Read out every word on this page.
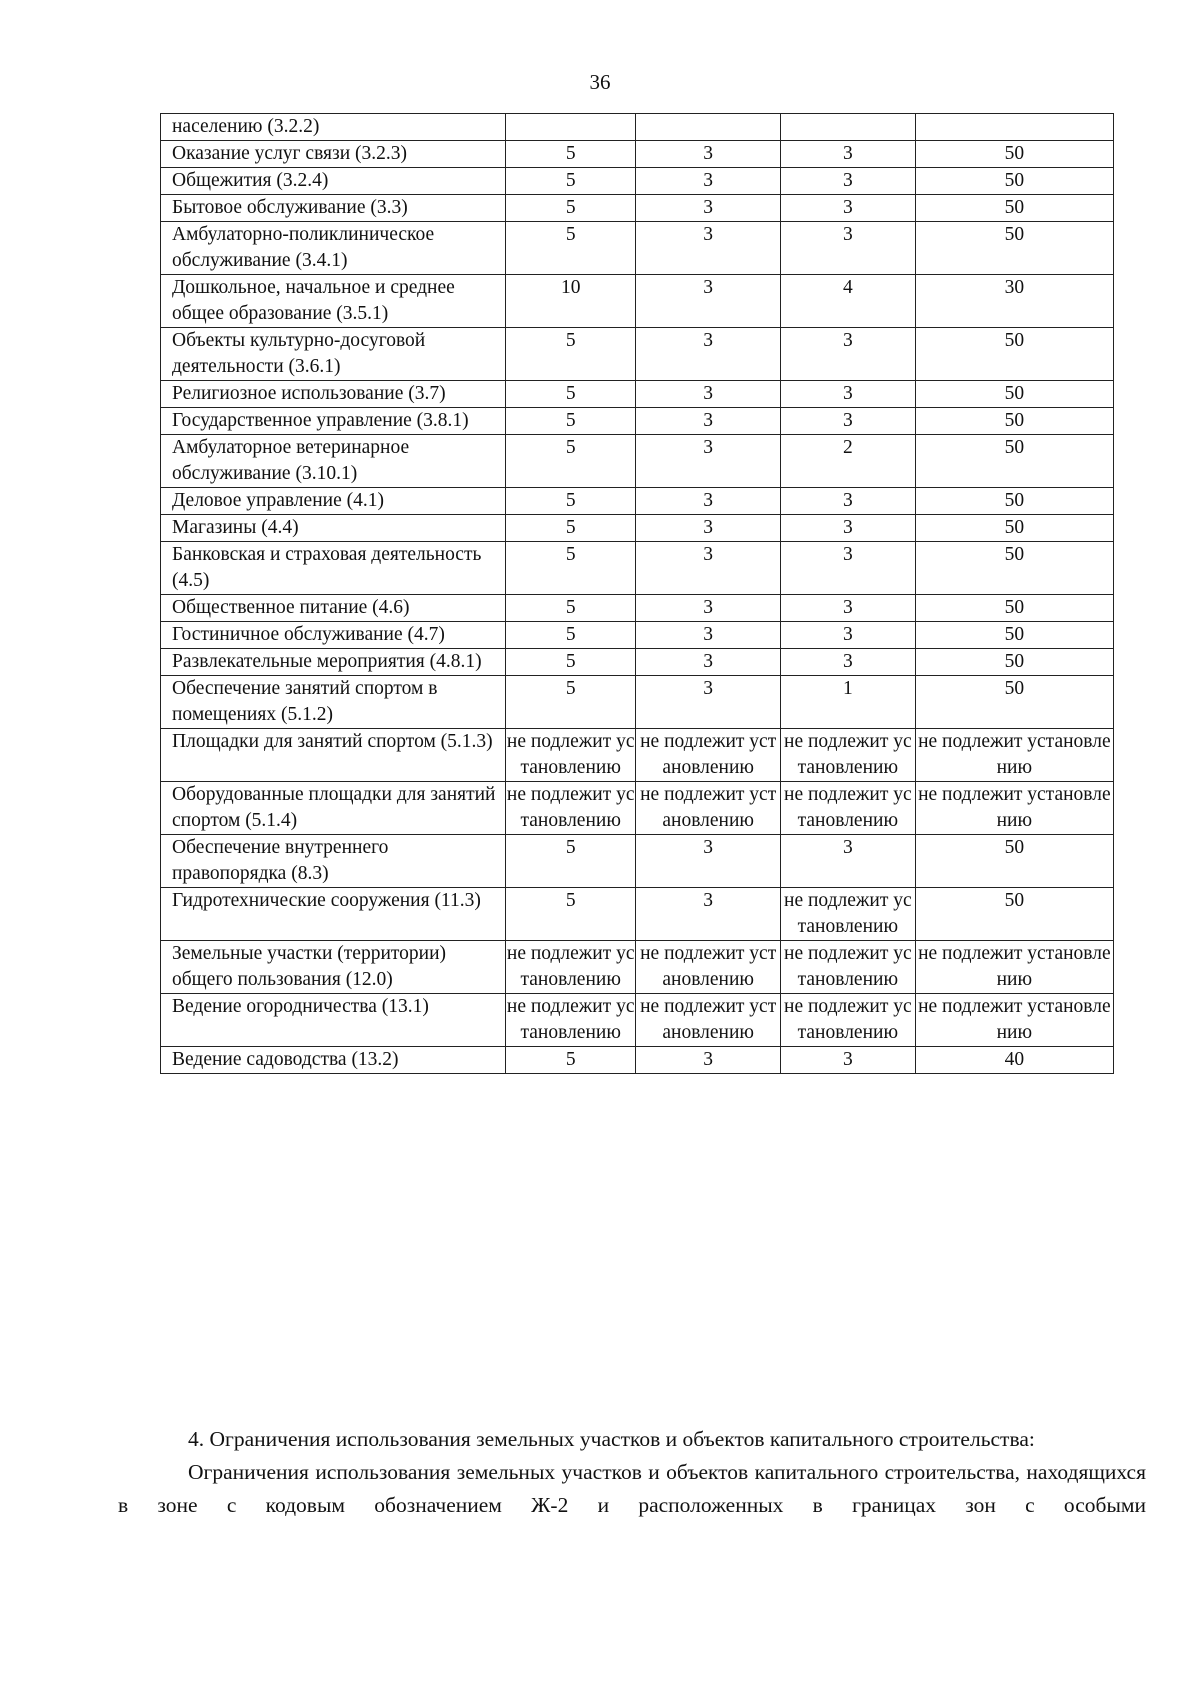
36
населению (3.2.2)				
Оказание услуг связи (3.2.3)	5	3	3	50
Общежития (3.2.4)	5	3	3	50
Бытовое обслуживание (3.3)	5	3	3	50
Амбулаторно-поликлиническое обслуживание (3.4.1)	5	3	3	50
Дошкольное, начальное и среднее общее образование (3.5.1)	10	3	4	30
Объекты культурно-досуговой деятельности (3.6.1)	5	3	3	50
Религиозное использование (3.7)	5	3	3	50
Государственное управление (3.8.1)	5	3	3	50
Амбулаторное ветеринарное обслуживание (3.10.1)	5	3	2	50
Деловое управление (4.1)	5	3	3	50
Магазины (4.4)	5	3	3	50
Банковская и страховая деятельность (4.5)	5	3	3	50
Общественное питание (4.6)	5	3	3	50
Гостиничное обслуживание (4.7)	5	3	3	50
Развлекательные мероприятия (4.8.1)	5	3	3	50
Обеспечение занятий спортом в помещениях (5.1.2)	5	3	1	50
Площадки для занятий спортом (5.1.3)	не подлежит установлению	не подлежит установлению	не подлежит установлению	не подлежит установлению
Оборудованные площадки для занятий спортом (5.1.4)	не подлежит установлению	не подлежит установлению	не подлежит установлению	не подлежит установлению
Обеспечение внутреннего правопорядка (8.3)	5	3	3	50
Гидротехнические сооружения (11.3)	5	3	не подлежит установлению	50
Земельные участки (территории) общего пользования (12.0)	не подлежит установлению	не подлежит установлению	не подлежит установлению	не подлежит установлению
Ведение огородничества (13.1)	не подлежит установлению	не подлежит установлению	не подлежит установлению	не подлежит установлению
Ведение садоводства (13.2)	5	3	3	40
4. Ограничения использования земельных участков и объектов капитального строительства:
Ограничения использования земельных участков и объектов капитального строительства, находящихся в зоне с кодовым обозначением Ж-2 и расположенных в границах зон с особыми
